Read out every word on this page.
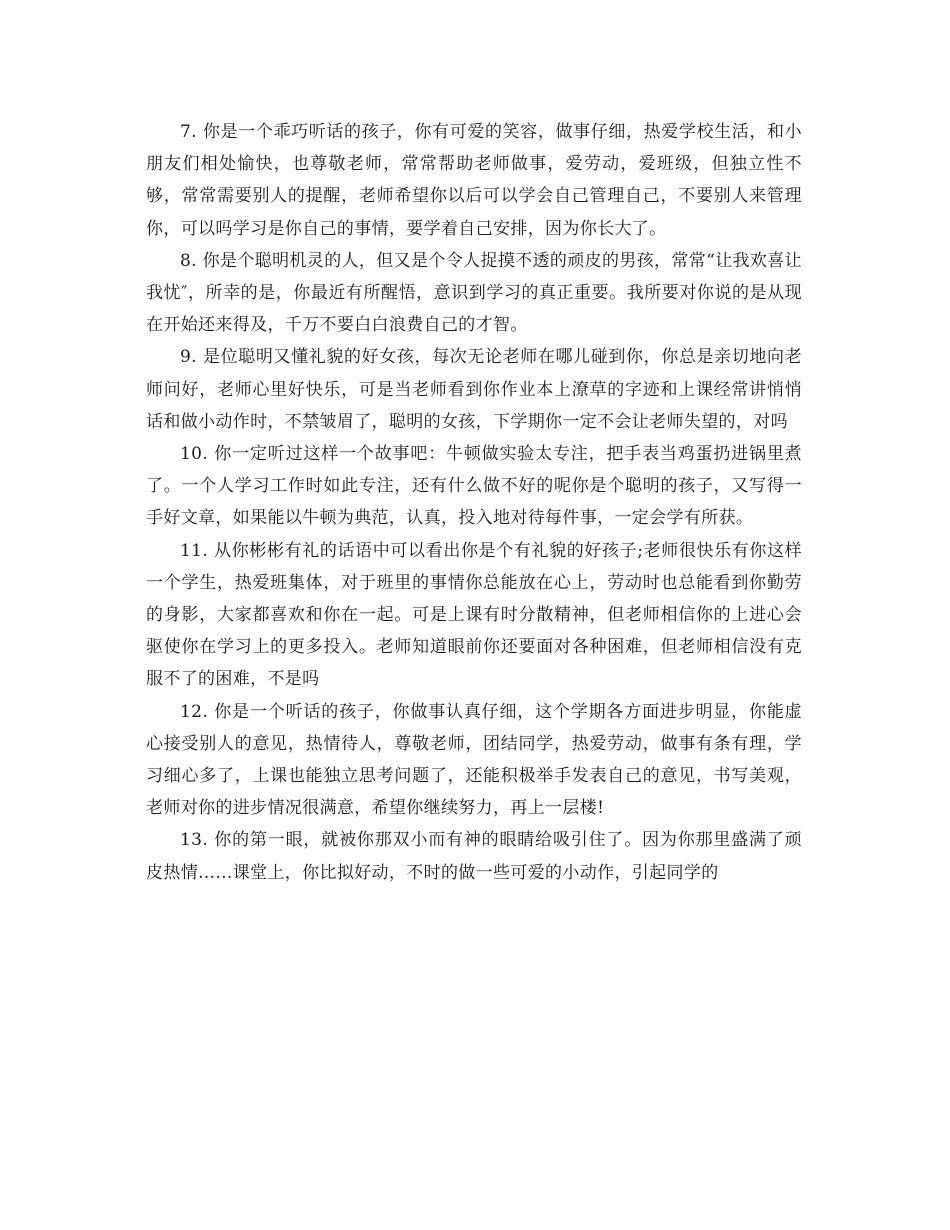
7. 你是一个乖巧听话的孩子，你有可爱的笑容，做事仔细，热爱学校生活，和小朋友们相处愉快，也尊敬老师，常常帮助老师做事，爱劳动，爱班级，但独立性不够，常常需要别人的提醒，老师希望你以后可以学会自己管理自己，不要别人来管理你，可以吗学习是你自己的事情，要学着自己安排，因为你长大了。

8. 你是个聪明机灵的人，但又是个令人捉摸不透的顽皮的男孩，常常“让我欢喜让我忧″，所幸的是，你最近有所醒悟，意识到学习的真正重要。我所要对你说的是从现在开始还来得及，千万不要白白浪费自己的才智。

9. 是位聪明又懂礼貌的好女孩，每次无论老师在哪儿碰到你，你总是亲切地向老师问好，老师心里好快乐，可是当老师看到你作业本上潦草的字迹和上课经常讲悄悄话和做小动作时，不禁皱眉了，聪明的女孩，下学期你一定不会让老师失望的，对吗

10. 你一定听过这样一个故事吧：牛顿做实验太专注，把手表当鸡蛋扔进锅里煮了。一个人学习工作时如此专注，还有什么做不好的呢你是个聪明的孩子，又写得一手好文章，如果能以牛顿为典范，认真，投入地对待每件事，一定会学有所获。

11. 从你彬彬有礼的话语中可以看出你是个有礼貌的好孩子;老师很快乐有你这样一个学生，热爱班集体，对于班里的事情你总能放在心上，劳动时也总能看到你勤劳的身影，大家都喜欢和你在一起。可是上课有时分散精神，但老师相信你的上进心会驱使你在学习上的更多投入。老师知道眼前你还要面对各种困难，但老师相信没有克服不了的困难，不是吗

12. 你是一个听话的孩子，你做事认真仔细，这个学期各方面进步明显，你能虚心接受别人的意见，热情待人，尊敬老师，团结同学，热爱劳动，做事有条有理，学习细心多了，上课也能独立思考问题了，还能积极举手发表自己的意见，书写美观，老师对你的进步情况很满意，希望你继续努力，再上一层楼!

13. 你的第一眼，就被你那双小而有神的眼睛给吸引住了。因为你那里盛满了顽皮热情……课堂上，你比拟好动，不时的做一些可爱的小动作，引起同学的
